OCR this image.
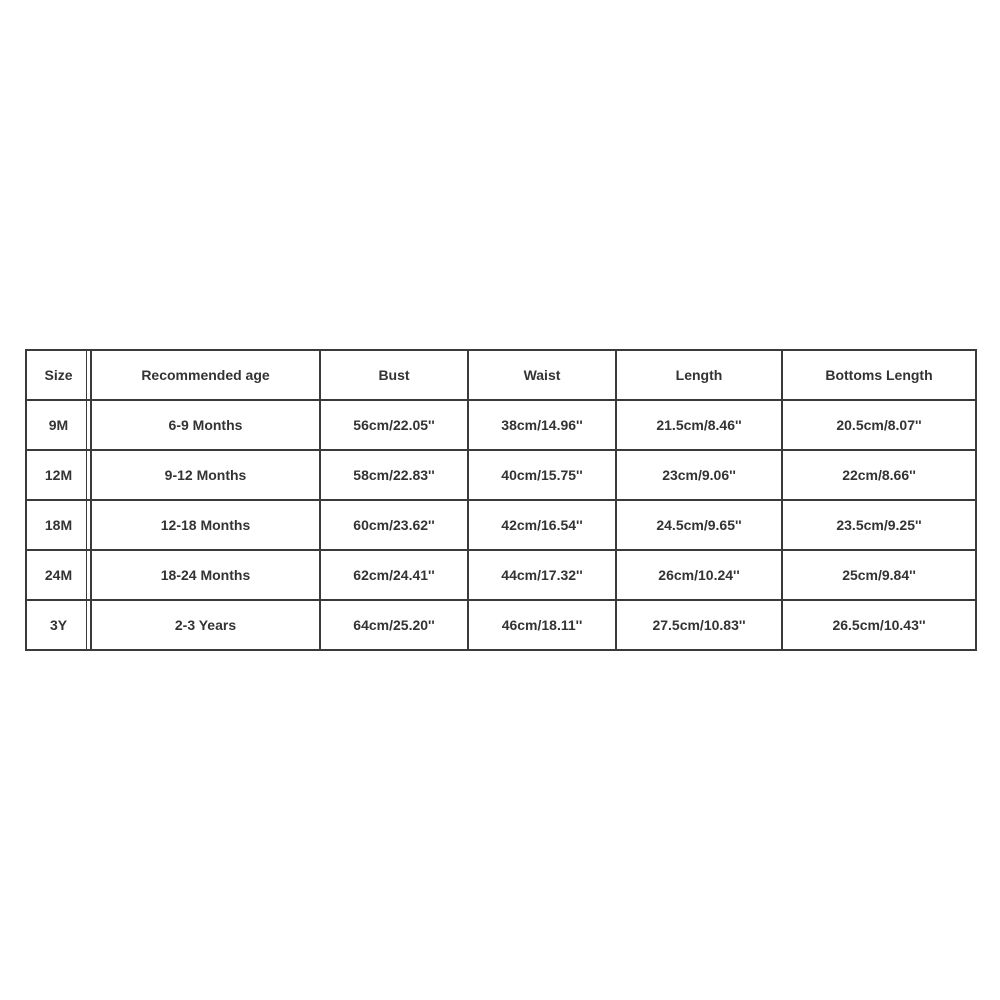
Size	Recommended age	Bust	Waist	Length	Bottoms Length
9M	6-9 Months	56cm/22.05''	38cm/14.96''	21.5cm/8.46''	20.5cm/8.07''
12M	9-12 Months	58cm/22.83''	40cm/15.75''	23cm/9.06''	22cm/8.66''
18M	12-18 Months	60cm/23.62''	42cm/16.54''	24.5cm/9.65''	23.5cm/9.25''
24M	18-24 Months	62cm/24.41''	44cm/17.32''	26cm/10.24''	25cm/9.84''
3Y	2-3 Years	64cm/25.20''	46cm/18.11''	27.5cm/10.83''	26.5cm/10.43''
